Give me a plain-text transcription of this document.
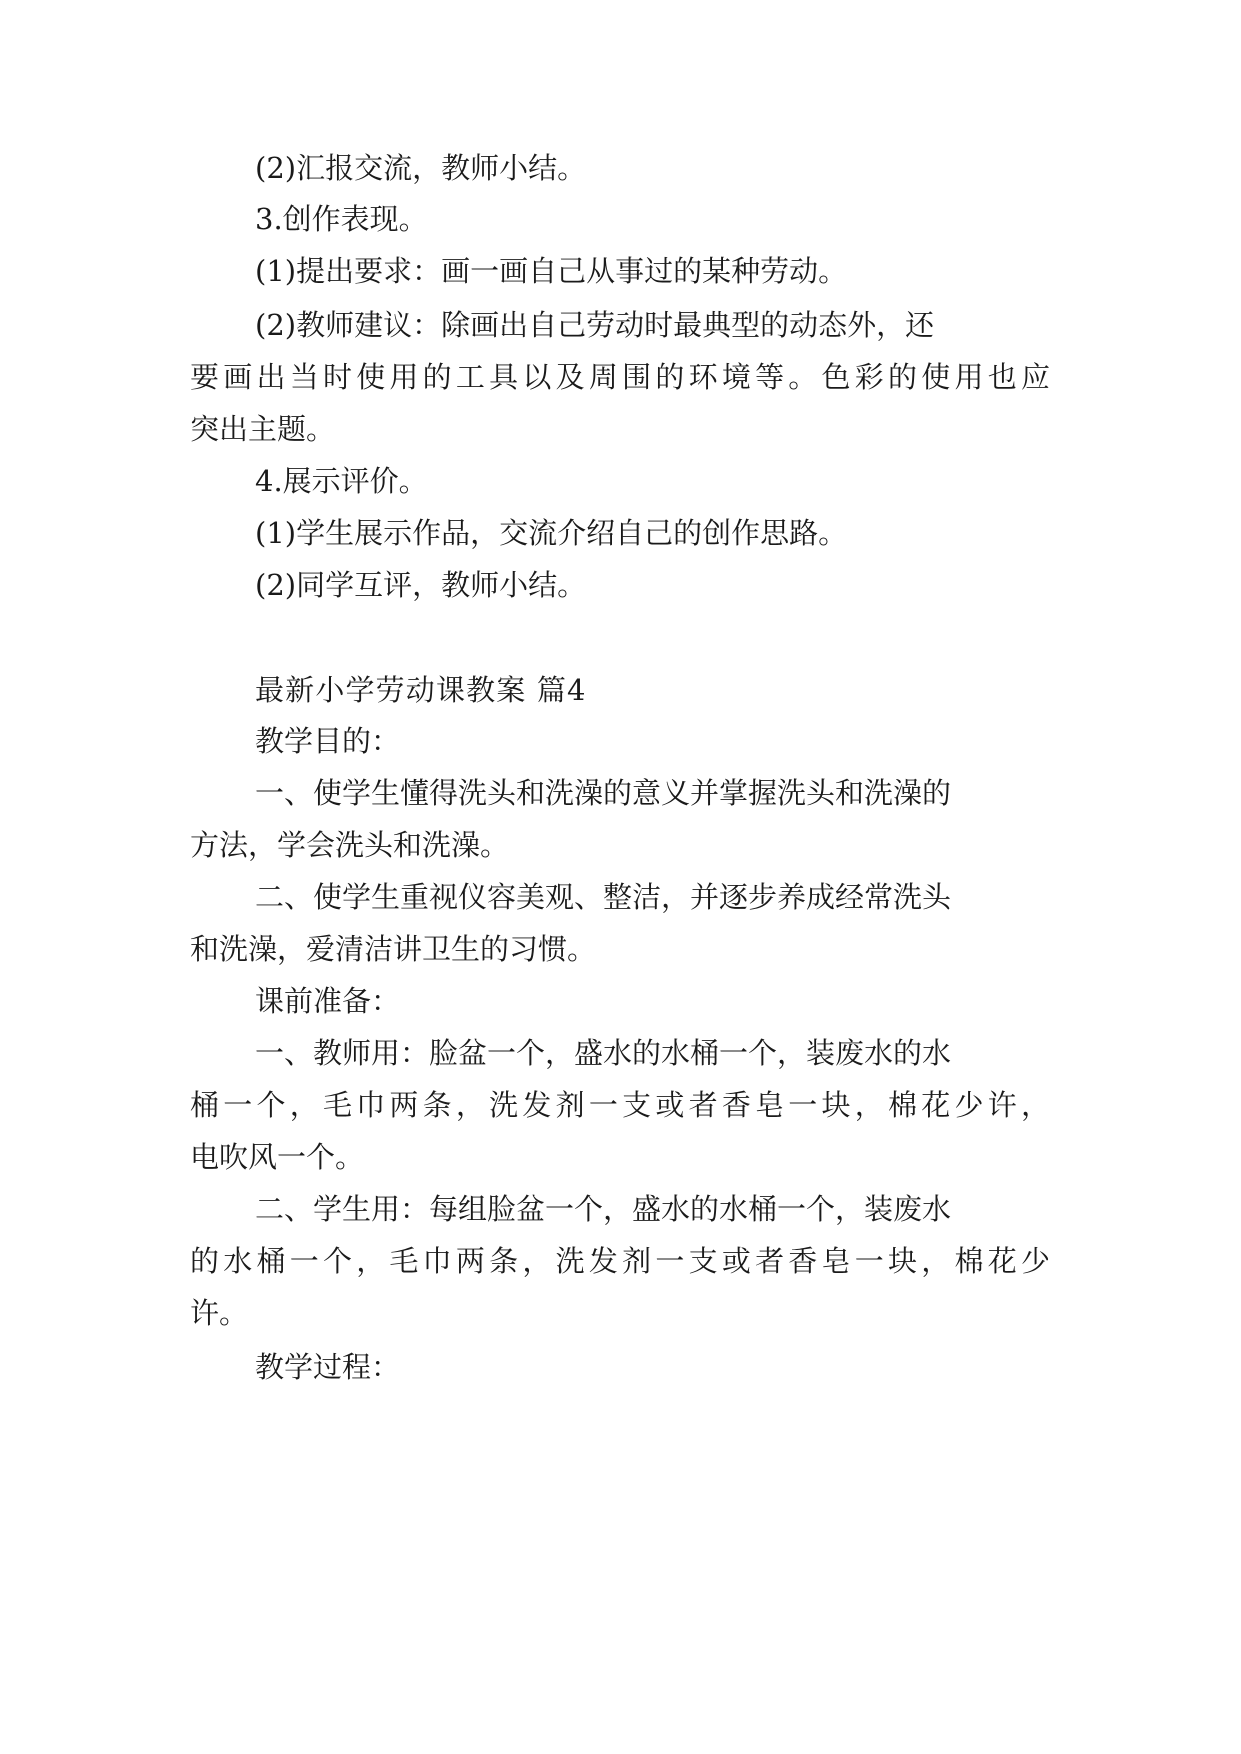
(2)汇报交流，教师小结。
3.创作表现。
(1)提出要求：画一画自己从事过的某种劳动。
(2)教师建议：除画出自己劳动时最典型的动态外，还
要画出当时使用的工具以及周围的环境等。色彩的使用也应
突出主题。
4.展示评价。
(1)学生展示作品，交流介绍自己的创作思路。
(2)同学互评，教师小结。
最新小学劳动课教案 篇4
教学目的：
一、使学生懂得洗头和洗澡的意义并掌握洗头和洗澡的
方法，学会洗头和洗澡。
二、使学生重视仪容美观、整洁，并逐步养成经常洗头
和洗澡，爱清洁讲卫生的习惯。
课前准备：
一、教师用：脸盆一个，盛水的水桶一个，装废水的水
桶一个，毛巾两条，洗发剂一支或者香皂一块，棉花少许，
电吹风一个。
二、学生用：每组脸盆一个，盛水的水桶一个，装废水
的水桶一个，毛巾两条，洗发剂一支或者香皂一块，棉花少
许。
教学过程：
